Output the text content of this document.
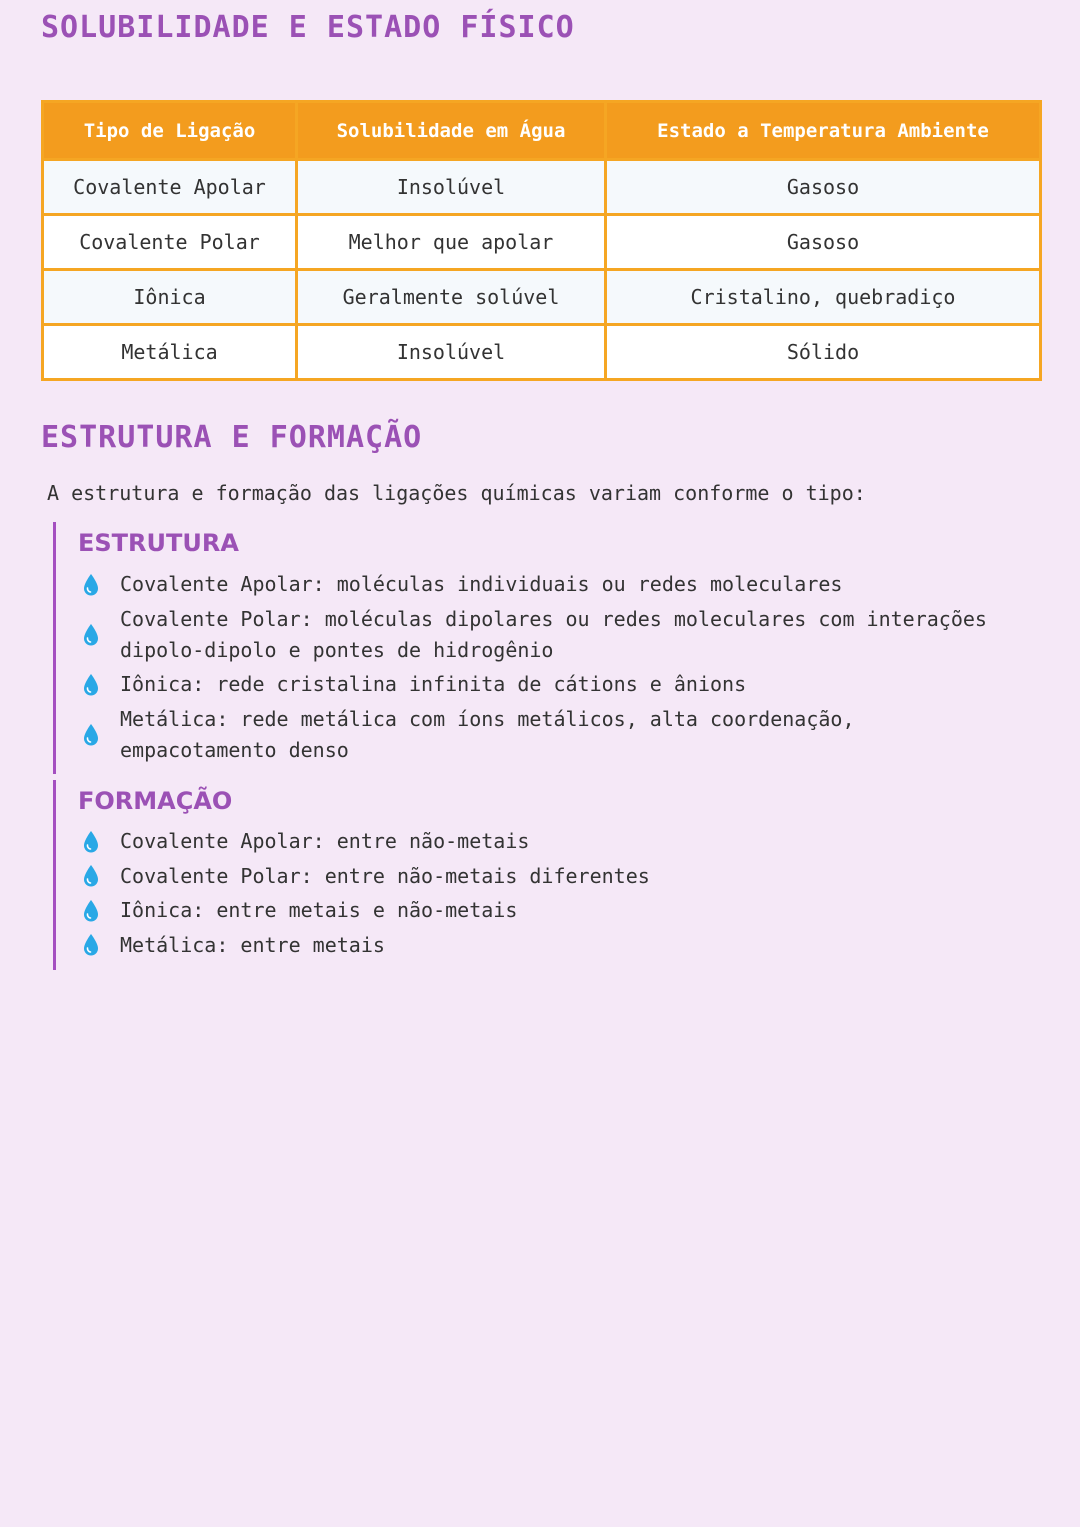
SOLUBILIDADE E ESTADO FÍSICO
Tipo de Ligação	Solubilidade em Água	Estado a Temperatura Ambiente
Covalente Apolar	Insolúvel	Gasoso
Covalente Polar	Melhor que apolar	Gasoso
Iônica	Geralmente solúvel	Cristalino, quebradiço
Metálica	Insolúvel	Sólido
ESTRUTURA E FORMAÇÃO
A estrutura e formação das ligações químicas variam conforme o tipo:
ESTRUTURA
Covalente Apolar: moléculas individuais ou redes moleculares
Covalente Polar: moléculas dipolares ou redes moleculares com interações dipolo-dipolo e pontes de hidrogênio
Iônica: rede cristalina infinita de cátions e ânions
Metálica: rede metálica com íons metálicos, alta coordenação, empacotamento denso
FORMAÇÃO
Covalente Apolar: entre não-metais
Covalente Polar: entre não-metais diferentes
Iônica: entre metais e não-metais
Metálica: entre metais
